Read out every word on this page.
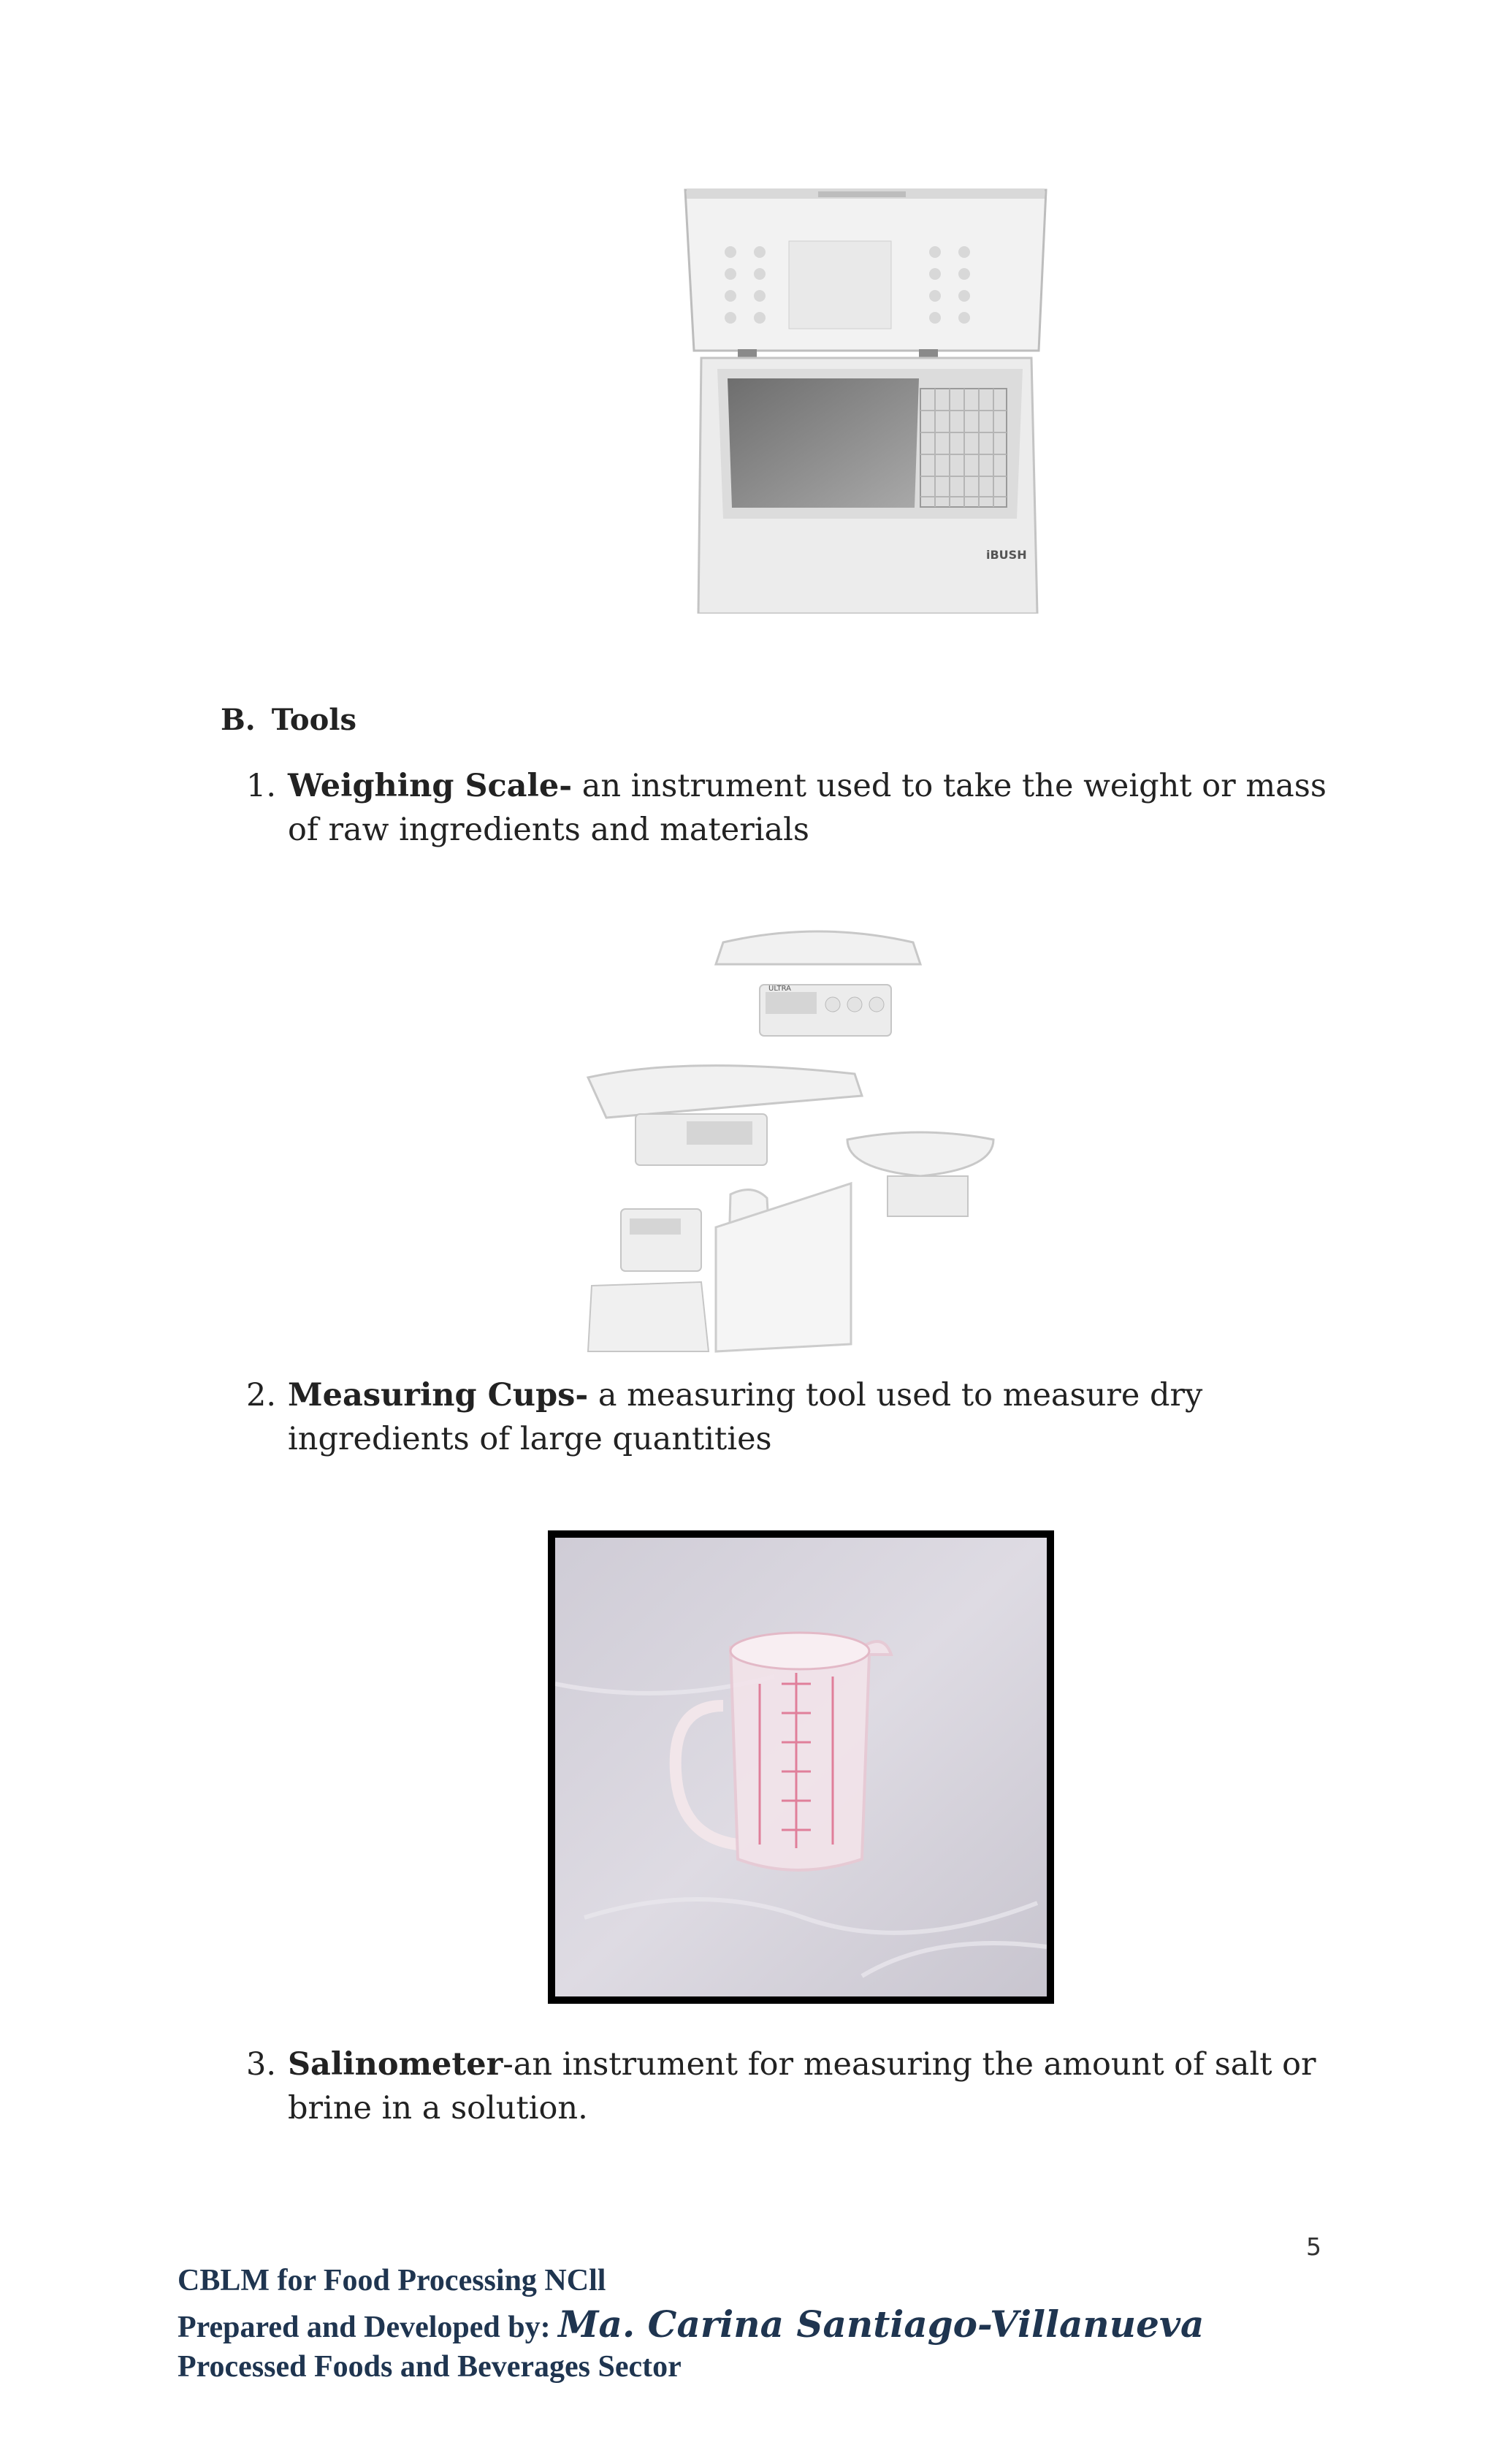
iBUSH
B. Tools
1. Weighing Scale- an instrument used to take the weight or mass of raw ingredients and materials
ULTRA
2. Measuring Cups- a measuring tool used to measure dry ingredients of large quantities
3. Salinometer-an instrument for measuring the amount of salt or brine in a solution.
5
CBLM for Food Processing NCll
Prepared and Developed by: Ma. Carina Santiago-Villanueva
Processed Foods and Beverages Sector
